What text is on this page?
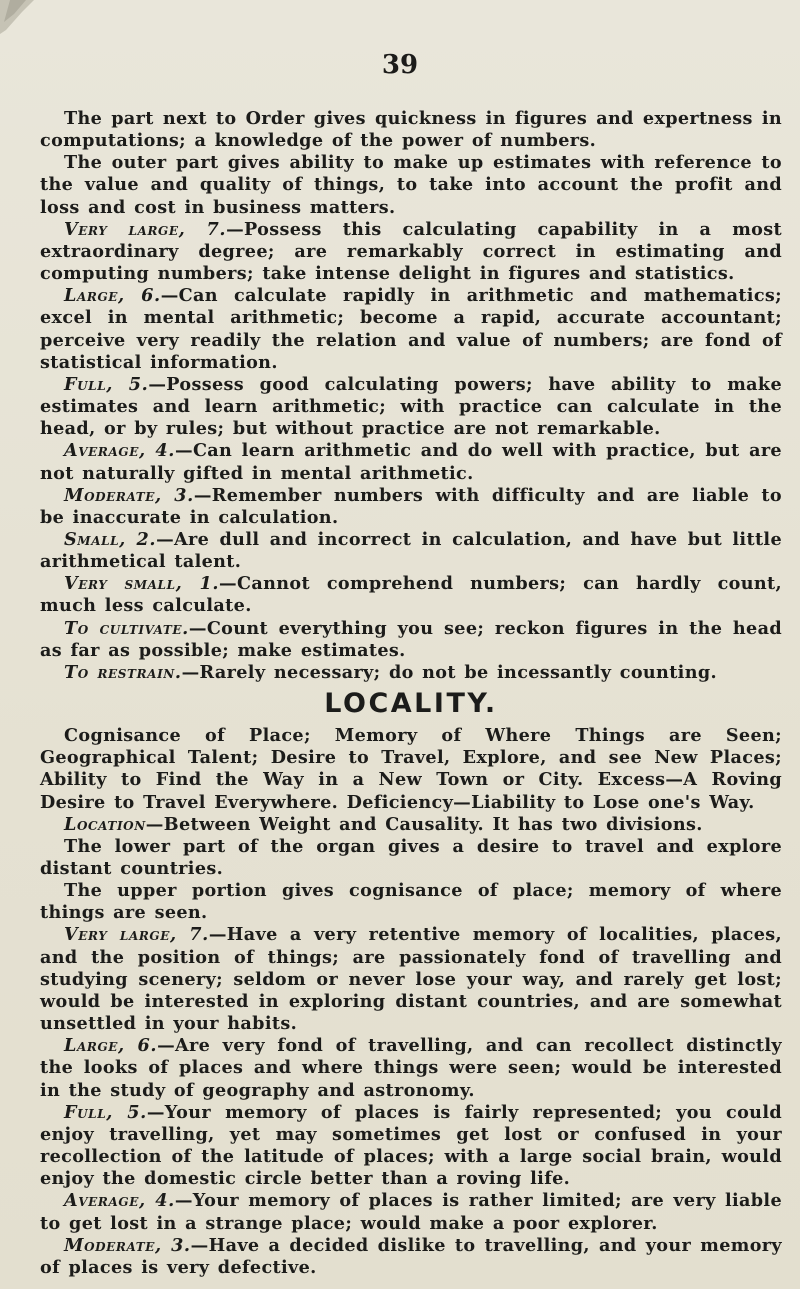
39

The part next to Order gives quickness in figures and expertness in computations; a knowledge of the power of numbers.

The outer part gives ability to make up estimates with reference to the value and quality of things, to take into account the profit and loss and cost in business matters.

Very large, 7.—Possess this calculating capability in a most extraordinary degree; are remarkably correct in estimating and computing numbers; take intense delight in figures and statistics.

Large, 6.—Can calculate rapidly in arithmetic and mathematics; excel in mental arithmetic; become a rapid, accurate accountant; perceive very readily the relation and value of numbers; are fond of statistical information.

Full, 5.—Possess good calculating powers; have ability to make estimates and learn arithmetic; with practice can calculate in the head, or by rules; but without practice are not remarkable.

Average, 4.—Can learn arithmetic and do well with practice, but are not naturally gifted in mental arithmetic.

Moderate, 3.—Remember numbers with difficulty and are liable to be inaccurate in calculation.

Small, 2.—Are dull and incorrect in calculation, and have but little arithmetical talent.

Very small, 1.—Cannot comprehend numbers; can hardly count, much less calculate.

To cultivate.—Count everything you see; reckon figures in the head as far as possible; make estimates.

To restrain.—Rarely necessary; do not be incessantly counting.

LOCALITY.

Cognisance of Place; Memory of Where Things are Seen; Geographical Talent; Desire to Travel, Explore, and see New Places; Ability to Find the Way in a New Town or City. Excess—A Roving Desire to Travel Everywhere. Deficiency—Liability to Lose one's Way.

Location—Between Weight and Causality. It has two divisions.

The lower part of the organ gives a desire to travel and explore distant countries.

The upper portion gives cognisance of place; memory of where things are seen.

Very large, 7.—Have a very retentive memory of localities, places, and the position of things; are passionately fond of travelling and studying scenery; seldom or never lose your way, and rarely get lost; would be interested in exploring distant countries, and are somewhat unsettled in your habits.

Large, 6.—Are very fond of travelling, and can recollect distinctly the looks of places and where things were seen; would be interested in the study of geography and astronomy.

Full, 5.—Your memory of places is fairly represented; you could enjoy travelling, yet may sometimes get lost or confused in your recollection of the latitude of places; with a large social brain, would enjoy the domestic circle better than a roving life.

Average, 4.—Your memory of places is rather limited; are very liable to get lost in a strange place; would make a poor explorer.

Moderate, 3.—Have a decided dislike to travelling, and your memory of places is very defective.
